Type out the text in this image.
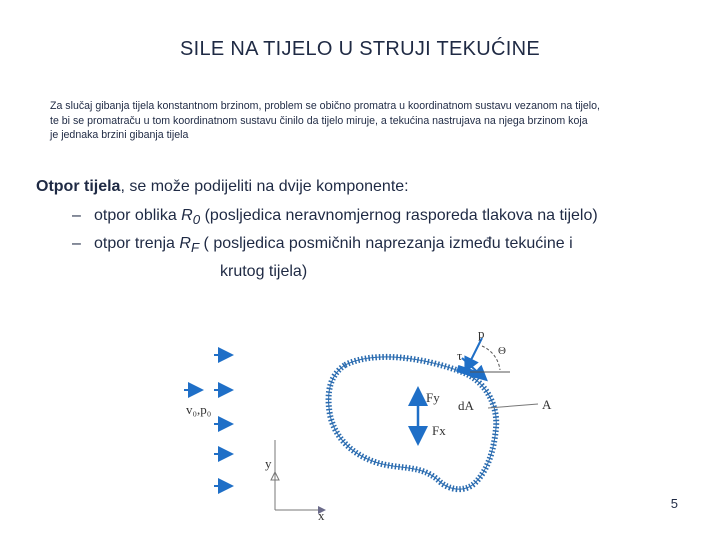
SILE NA TIJELO U STRUJI TEKUĆINE
Za slučaj gibanja tijela konstantnom brzinom, problem se obično promatra u koordinatnom sustavu vezanom na tijelo,
te bi se promatraču u tom koordinatnom sustavu činilo da tijelo miruje, a tekućina nastrujava na njega brzinom koja
je jednaka brzini gibanja tijela
Otpor tijela, se može podijeliti na dvije komponente:
– otpor oblika $R_0$ (posljedica neravnomjernog rasporeda tlakova na tijelo)
– otpor trenja $R_F$ ( posljedica posmičnih naprezanja između tekućine i
krutog tijela)
v₀,p₀
y
x
Fy
Fx
dA
p
τ	Θ
A
5
